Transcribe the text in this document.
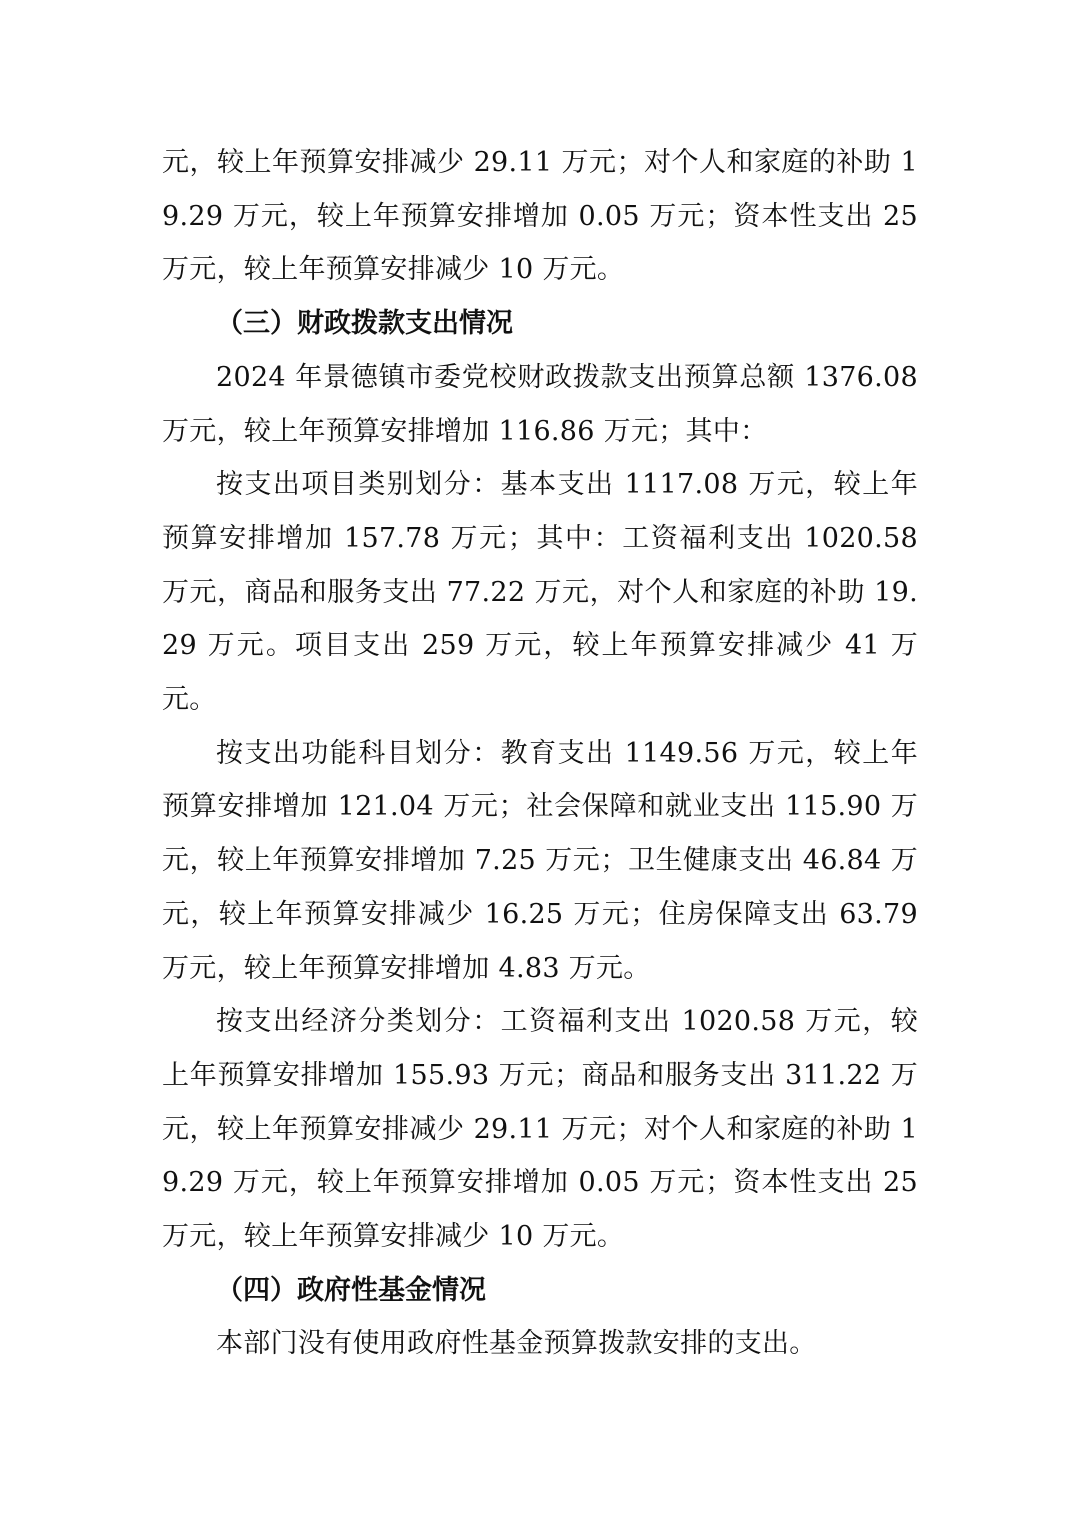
元，较上年预算安排减少 29.11 万元；对个人和家庭的补助 19.29 万元，较上年预算安排增加 0.05 万元；资本性支出 25 万元，较上年预算安排减少 10 万元。

（三）财政拨款支出情况

2024 年景德镇市委党校财政拨款支出预算总额 1376.08 万元，较上年预算安排增加 116.86 万元；其中：

按支出项目类别划分：基本支出 1117.08 万元，较上年预算安排增加 157.78 万元；其中：工资福利支出 1020.58 万元，商品和服务支出 77.22 万元，对个人和家庭的补助 19.29 万元。项目支出 259 万元，较上年预算安排减少 41 万元。

按支出功能科目划分：教育支出 1149.56 万元，较上年预算安排增加 121.04 万元；社会保障和就业支出 115.90 万元，较上年预算安排增加 7.25 万元；卫生健康支出 46.84 万元，较上年预算安排减少 16.25 万元；住房保障支出 63.79 万元，较上年预算安排增加 4.83 万元。

按支出经济分类划分：工资福利支出 1020.58 万元，较上年预算安排增加 155.93 万元；商品和服务支出 311.22 万元，较上年预算安排减少 29.11 万元；对个人和家庭的补助 19.29 万元，较上年预算安排增加 0.05 万元；资本性支出 25 万元，较上年预算安排减少 10 万元。

（四）政府性基金情况

本部门没有使用政府性基金预算拨款安排的支出。
